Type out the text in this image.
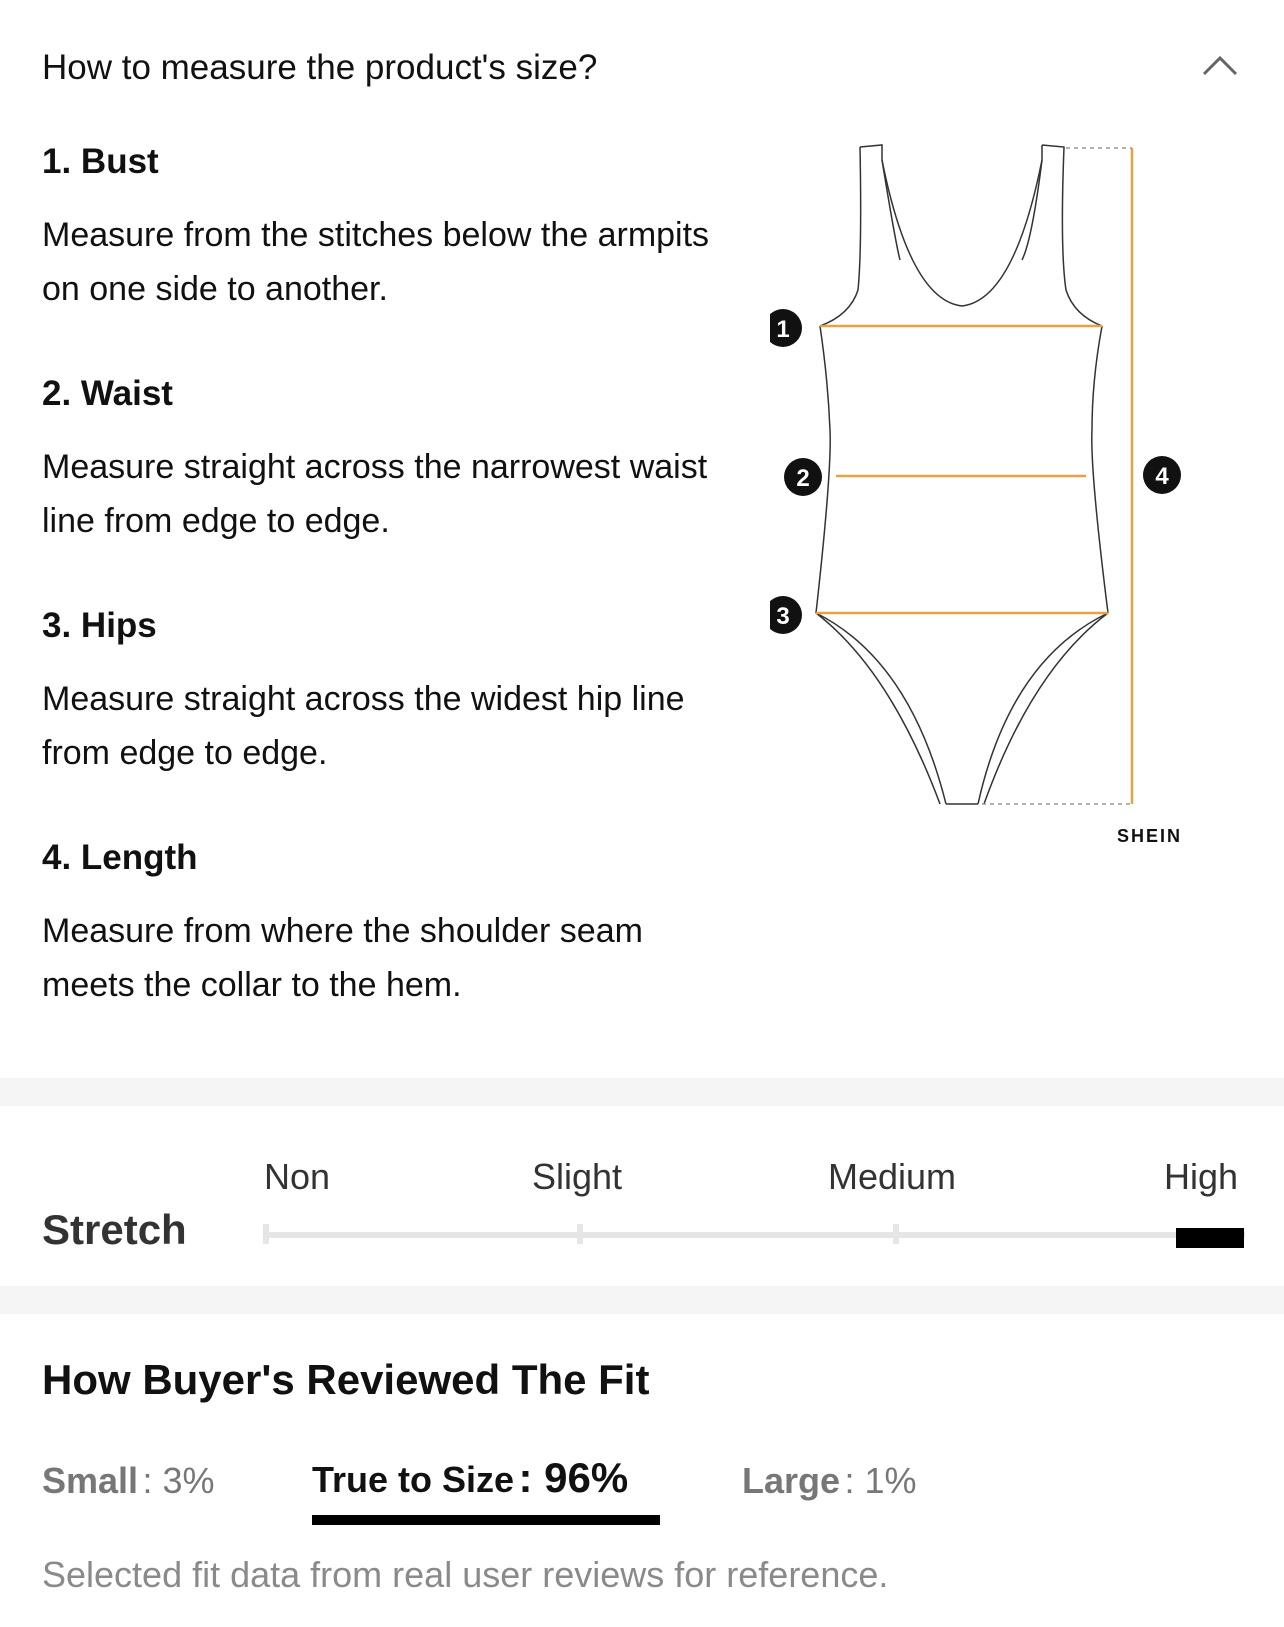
How to measure the product's size?

1. Bust

Measure from the stitches below the armpits on one side to another.

2. Waist

Measure straight across the narrowest waist line from edge to edge.

3. Hips

Measure straight across the widest hip line from edge to edge.

4. Length

Measure from where the shoulder seam meets the collar to the hem.

1
2
3
4
SHEIN
Stretch
Non	Slight	Medium	High
How Buyer's Reviewed The Fit
Small : 3%	True to Size : 96%	Large : 1%
Selected fit data from real user reviews for reference.
